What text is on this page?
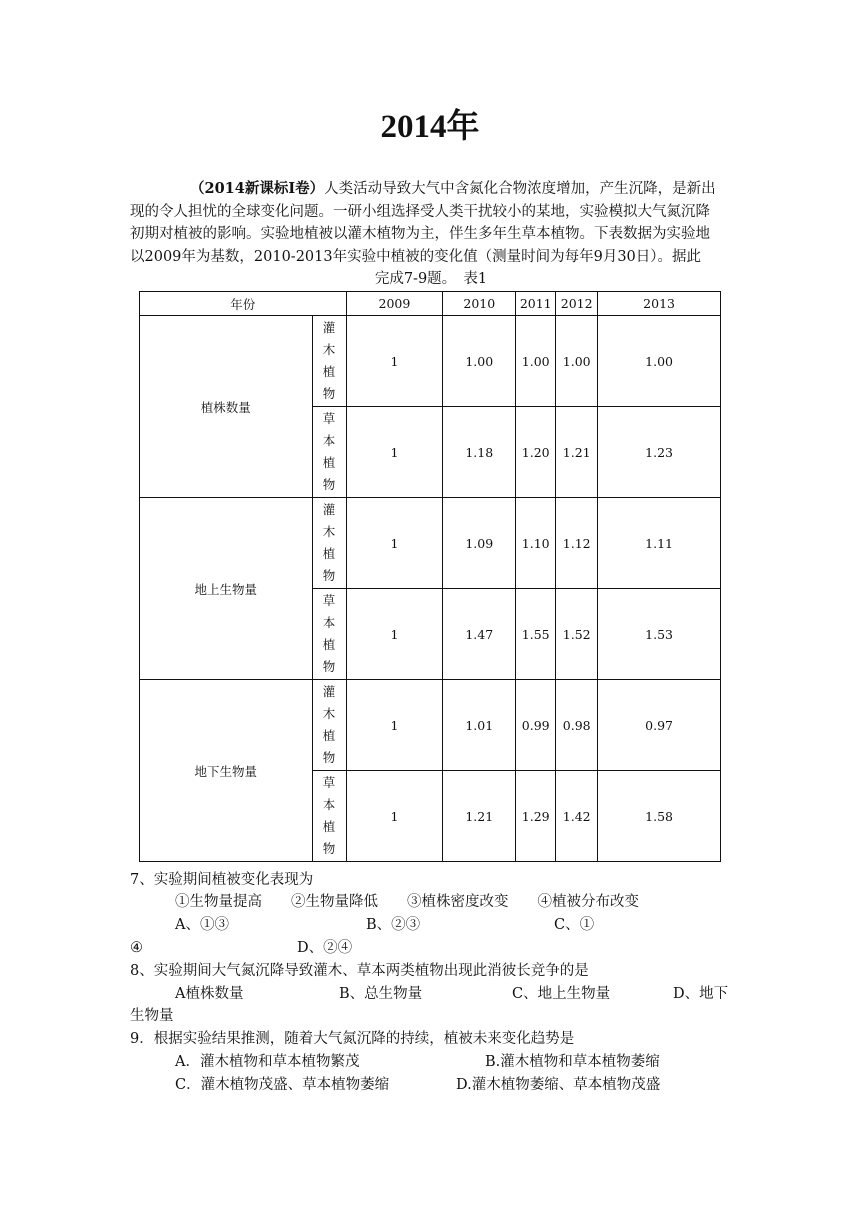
2014年
（2014新课标Ⅰ卷）人类活动导致大气中含氮化合物浓度增加，产生沉降，是新出
现的令人担忧的全球变化问题。一研小组选择受人类干扰较小的某地，实验模拟大气氮沉降
初期对植被的影响。实验地植被以灌木植物为主，伴生多年生草本植物。下表数据为实验地
以2009年为基数，2010-2013年实验中植被的变化值（测量时间为每年9月30日）。据此
完成7-9题。　表1
年份		2009	2010	2011	2012	2013
植株数量	灌
木
植
物	1	1.00	1.00	1.00	1.00

	草
本
植
物	1	1.18	1.20	1.21	1.23
地上生物量	灌
木
植
物	1	1.09	1.10	1.12	1.11

	草
本
植
物	1	1.47	1.55	1.52	1.53
地下生物量	灌
木
植
物	1	1.01	0.99	0.98	0.97

	草
本
植
物	1	1.21	1.29	1.42	1.58
7、实验期间植被变化表现为
①生物量提高　　②生物量降低　　③植株密度改变　　④植被分布改变
A、①③	B、②③	C、①
④	D、②④
8、实验期间大气氮沉降导致灌木、草本两类植物出现此消彼长竞争的是
A植株数量	B、总生物量	C、地上生物量	D、地下
生物量
9．根据实验结果推测，随着大气氮沉降的持续，植被未来变化趋势是
A．灌木植物和草本植物繁茂	B.灌木植物和草本植物萎缩
C．灌木植物茂盛、草本植物萎缩	D.灌木植物萎缩、草本植物茂盛
